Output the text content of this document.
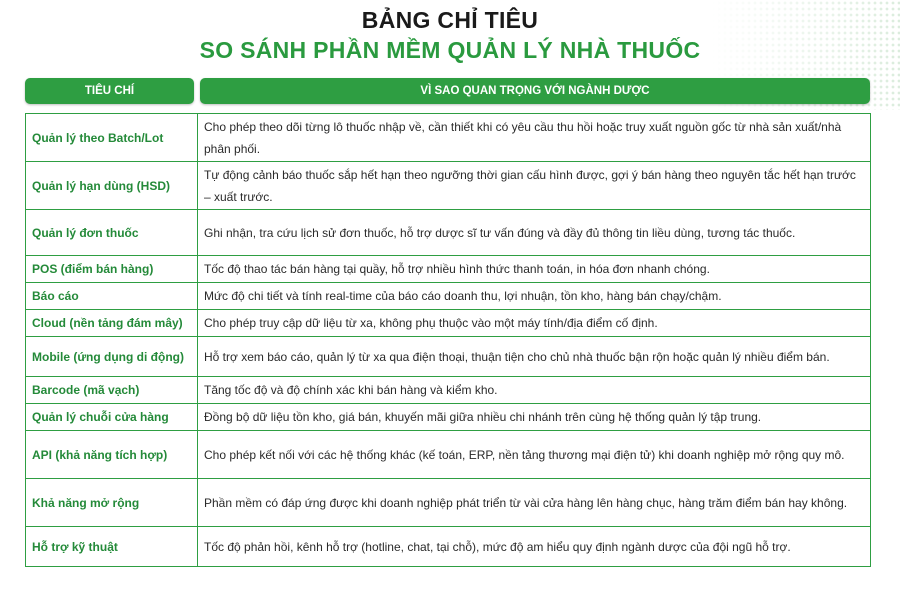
BẢNG CHỈ TIÊU
SO SÁNH PHẦN MỀM QUẢN LÝ NHÀ THUỐC
TIÊU CHÍ	VÌ SAO QUAN TRỌNG VỚI NGÀNH DƯỢC
Quản lý theo Batch/Lot	Cho phép theo dõi từng lô thuốc nhập về, cần thiết khi có yêu cầu thu hồi hoặc truy xuất nguồn gốc từ nhà sản xuất/nhà phân phối.
Quản lý hạn dùng (HSD)	Tự động cảnh báo thuốc sắp hết hạn theo ngưỡng thời gian cấu hình được, gợi ý bán hàng theo nguyên tắc hết hạn trước – xuất trước.
Quản lý đơn thuốc	Ghi nhận, tra cứu lịch sử đơn thuốc, hỗ trợ dược sĩ tư vấn đúng và đầy đủ thông tin liều dùng, tương tác thuốc.
POS (điểm bán hàng)	Tốc độ thao tác bán hàng tại quầy, hỗ trợ nhiều hình thức thanh toán, in hóa đơn nhanh chóng.
Báo cáo	Mức độ chi tiết và tính real-time của báo cáo doanh thu, lợi nhuận, tồn kho, hàng bán chạy/chậm.
Cloud (nền tảng đám mây)	Cho phép truy cập dữ liệu từ xa, không phụ thuộc vào một máy tính/địa điểm cố định.
Mobile (ứng dụng di động)	Hỗ trợ xem báo cáo, quản lý từ xa qua điện thoại, thuận tiện cho chủ nhà thuốc bận rộn hoặc quản lý nhiều điểm bán.
Barcode (mã vạch)	Tăng tốc độ và độ chính xác khi bán hàng và kiểm kho.
Quản lý chuỗi cửa hàng	Đồng bộ dữ liệu tồn kho, giá bán, khuyến mãi giữa nhiều chi nhánh trên cùng hệ thống quản lý tập trung.
API (khả năng tích hợp)	Cho phép kết nối với các hệ thống khác (kế toán, ERP, nền tảng thương mại điện tử) khi doanh nghiệp mở rộng quy mô.
Khả năng mở rộng	Phần mềm có đáp ứng được khi doanh nghiệp phát triển từ vài cửa hàng lên hàng chục, hàng trăm điểm bán hay không.
Hỗ trợ kỹ thuật	Tốc độ phản hồi, kênh hỗ trợ (hotline, chat, tại chỗ), mức độ am hiểu quy định ngành dược của đội ngũ hỗ trợ.
